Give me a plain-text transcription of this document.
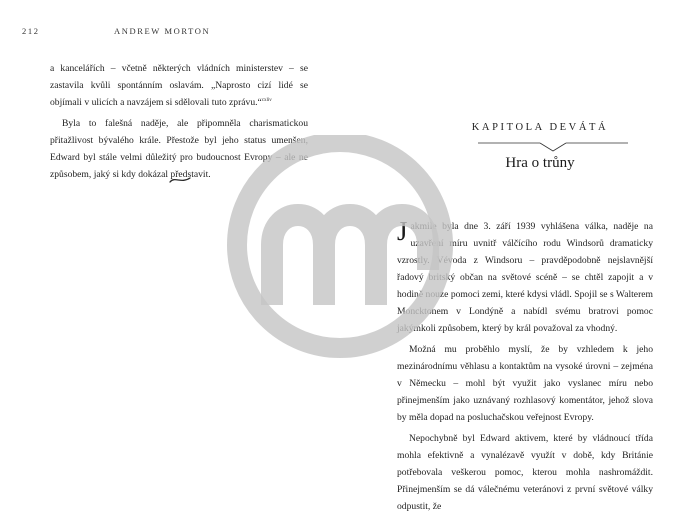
212	ANDREW MORTON

a kancelářích – včetně některých vládních ministerstev – se zastavila kvůli spontánním oslavám. „Naprosto cizí lidé se objímali v ulicích a navzájem si sdělovali tuto zprávu.“$^{cxliv}$

Byla to falešná naděje, ale připomněla charismatickou přitažlivost bývalého krále. Přestože byl jeho status umenšen, Edward byl stále velmi důležitý pro budoucnost Evropy – ale ne způsobem, jaký si kdy dokázal představit.

KAPITOLA DEVÁTÁ
Hra o trůny

Jakmile byla dne 3. září 1939 vyhlášena válka, naděje na uzavření míru uvnitř válčícího rodu Windsorů dramaticky vzrostly. Vévoda z Windsoru – pravděpodobně nejslavnější řadový britský občan na světové scéně – se chtěl zapojit a v hodině nouze pomoci zemi, které kdysi vládl. Spojil se s Walterem Moncktonem v Londýně a nabídl svému bratrovi pomoc jakýmkoli způsobem, který by král považoval za vhodný.

Možná mu proběhlo myslí, že by vzhledem k jeho mezinárodnímu věhlasu a kontaktům na vysoké úrovni – zejména v Německu – mohl být využit jako vyslanec míru nebo přinejmenším jako uznávaný rozhlasový komentátor, jehož slova by měla dopad na posluchačskou veřejnost Evropy.

Nepochybně byl Edward aktivem, které by vládnoucí třída mohla efektivně a vynalézavě využít v době, kdy Británie potřebovala veškerou pomoc, kterou mohla nashromáždit. Přinejmenším se dá válečnému veteránovi z první světové války odpustit, že
